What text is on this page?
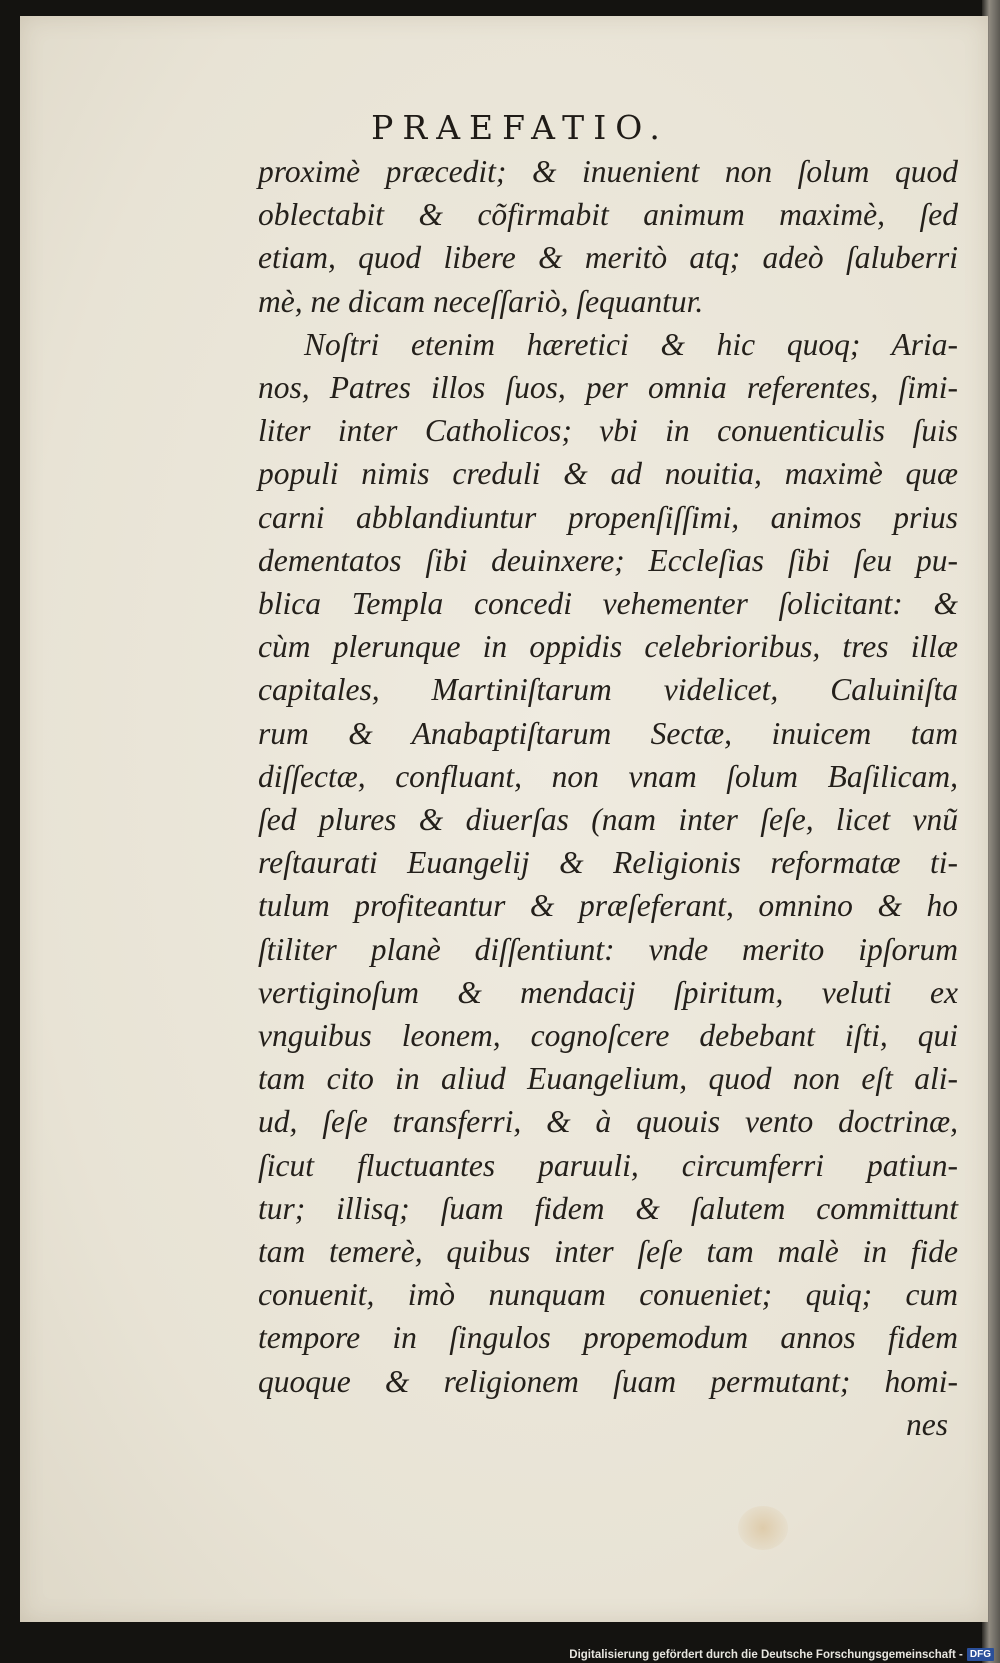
PRAEFATIO.
proximè præcedit; & inuenient non ſolum quod
oblectabit & cõfirmabit animum maximè, ſed
etiam, quod libere & meritò atq; adeò ſaluberri
mè, ne dicam neceſſariò, ſequantur.
Noſtri etenim hæretici & hic quoq; Aria-
nos, Patres illos ſuos, per omnia referentes, ſimi-
liter inter Catholicos; vbi in conuenticulis ſuis
populi nimis creduli & ad nouitia, maximè quæ
carni abblandiuntur propenſiſſimi, animos prius
dementatos ſibi deuinxere; Eccleſias ſibi ſeu pu-
blica Templa concedi vehementer ſolicitant: &
cùm plerunque in oppidis celebrioribus, tres illæ
capitales, Martiniſtarum videlicet, Caluiniſta
rum & Anabaptiſtarum Sectæ, inuicem tam
diſſectæ, confluant, non vnam ſolum Baſilicam,
ſed plures & diuerſas (nam inter ſeſe, licet vnũ
reſtaurati Euangelij & Religionis reformatæ ti-
tulum profiteantur & præſeferant, omnino & ho
ſtiliter planè diſſentiunt: vnde merito ipſorum
vertiginoſum & mendacij ſpiritum, veluti ex
vnguibus leonem, cognoſcere debebant iſti, qui
tam cito in aliud Euangelium, quod non eſt ali-
ud, ſeſe transferri, & à quouis vento doctrinæ,
ſicut fluctuantes paruuli, circumferri patiun-
tur; illisq; ſuam fidem & ſalutem committunt
tam temerè, quibus inter ſeſe tam malè in fide
conuenit, imò nunquam conueniet; quiq; cum
tempore in ſingulos propemodum annos fidem
quoque & religionem ſuam permutant; homi-
nes
Digitalisierung gefördert durch die Deutsche Forschungsgemeinschaft - DFG
